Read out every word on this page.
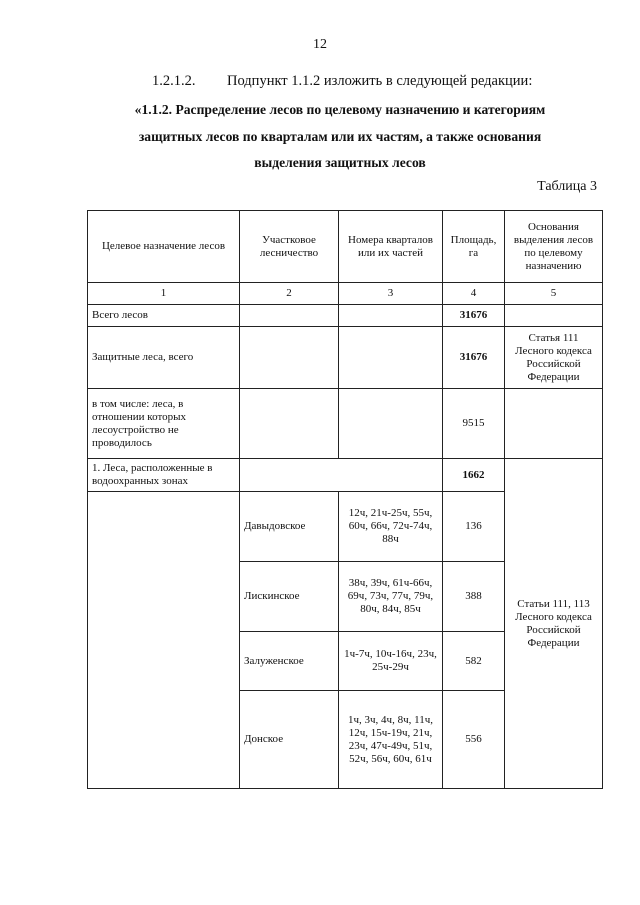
12
1.2.1.2. Подпункт 1.1.2 изложить в следующей редакции:
«1.1.2. Распределение лесов по целевому назначению и категориям
защитных лесов по кварталам или их частям, а также основания
выделения защитных лесов
Таблица 3
Целевое назначение лесов	Участковое лесничество	Номера кварталов или их частей	Площадь, га	Основания выделения лесов по целевому назначению
1	2	3	4	5
Всего лесов			31676	
Защитные леса, всего			31676	Статья 111 Лесного кодекса Российской Федерации
в том числе: леса, в отношении которых лесоустройство не проводилось			9515	
1. Леса, расположенные в водоохранных зонах			1662	Статьи 111, 113 Лесного кодекса Российской Федерации
	Давыдовское	12ч, 21ч-25ч, 55ч, 60ч, 66ч, 72ч-74ч, 88ч	136	
	Лискинское	38ч, 39ч, 61ч-66ч, 69ч, 73ч, 77ч, 79ч, 80ч, 84ч, 85ч	388	
	Залуженское	1ч-7ч, 10ч-16ч, 23ч, 25ч-29ч	582	
	Донское	1ч, 3ч, 4ч, 8ч, 11ч, 12ч, 15ч-19ч, 21ч, 23ч, 47ч-49ч, 51ч, 52ч, 56ч, 60ч, 61ч	556	
